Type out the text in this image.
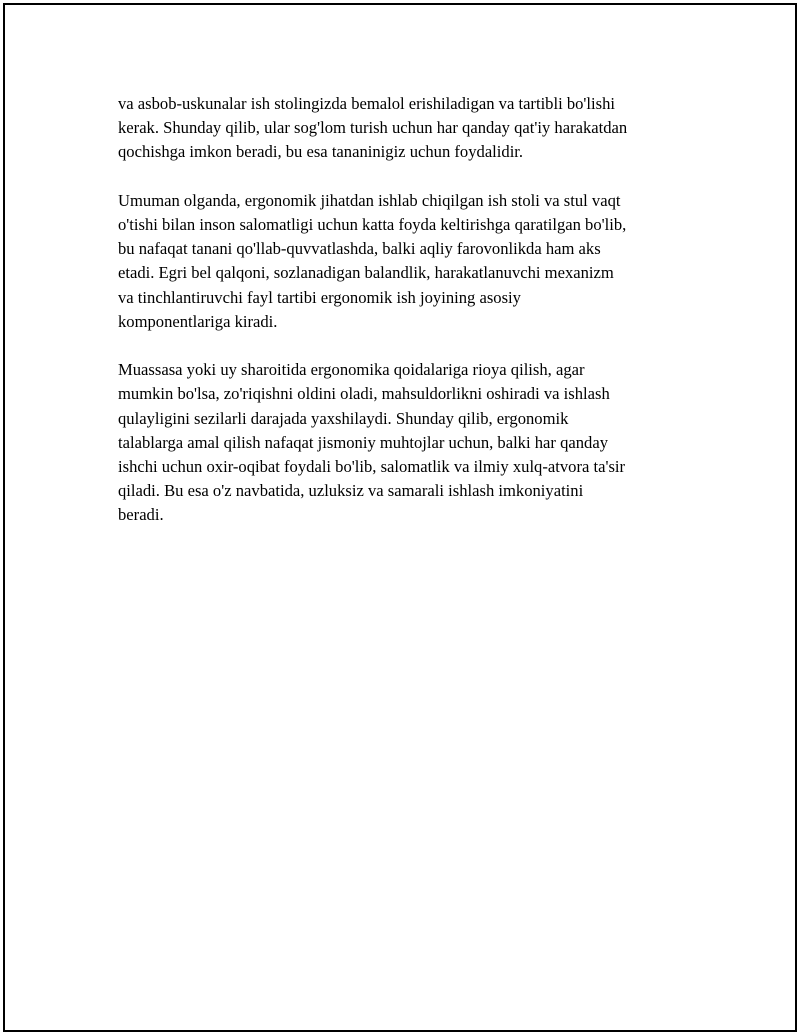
va asbob-uskunalar ish stolingizda bemalol erishiladigan va tartibli bo'lishi
kerak. Shunday qilib, ular sog'lom turish uchun har qanday qat'iy harakatdan
qochishga imkon beradi, bu esa tananinigiz uchun foydalidir.

Umuman olganda, ergonomik jihatdan ishlab chiqilgan ish stoli va stul vaqt
o'tishi bilan inson salomatligi uchun katta foyda keltirishga qaratilgan bo'lib,
bu nafaqat tanani qo'llab-quvvatlashda, balki aqliy farovonlikda ham aks
etadi. Egri bel qalqoni, sozlanadigan balandlik, harakatlanuvchi mexanizm
va tinchlantiruvchi fayl tartibi ergonomik ish joyining asosiy
komponentlariga kiradi.

Muassasa yoki uy sharoitida ergonomika qoidalariga rioya qilish, agar
mumkin bo'lsa, zo'riqishni oldini oladi, mahsuldorlikni oshiradi va ishlash
qulayligini sezilarli darajada yaxshilaydi. Shunday qilib, ergonomik
talablarga amal qilish nafaqat jismoniy muhtojlar uchun, balki har qanday
ishchi uchun oxir-oqibat foydali bo'lib, salomatlik va ilmiy xulq-atvora ta'sir
qiladi. Bu esa o'z navbatida, uzluksiz va samarali ishlash imkoniyatini
beradi.
